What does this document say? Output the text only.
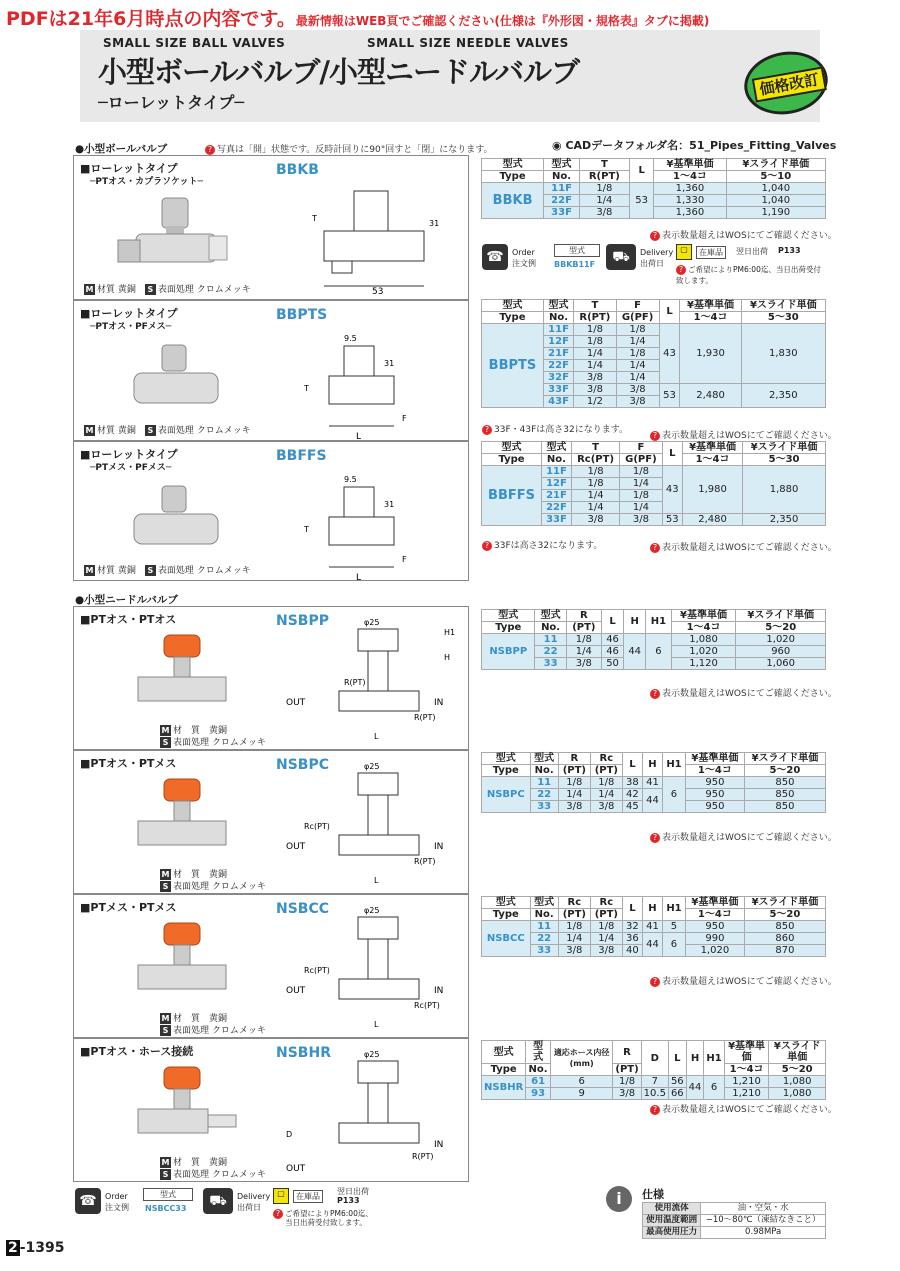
PDFは21年6月時点の内容です。最新情報はWEB頁でご確認ください(仕様は『外形図・規格表』タブに掲載)
SMALL SIZE BALL VALVES	SMALL SIZE NEEDLE VALVES
小型ボールバルブ/小型ニードルバルブ
─ローレットタイプ─
価格改訂
●小型ボールバルブ	? 写真は「開」状態です。反時計回りに90°回すと「閉」になります。	◉ CADデータフォルダ名：51_Pipes_Fitting_Valves
■ローレットタイプ
─PTオス・カプラソケット─
BBKB
53
31
T
M 材質 黄銅　 S 表面処理 クロムメッキ
■ローレットタイプ
─PTオス・PFメス─
BBPTS
L
9.5
31
T
F
M 材質 黄銅　 S 表面処理 クロムメッキ
■ローレットタイプ
─PTメス・PFメス─
BBFFS
L
9.5
31
T
F
M 材質 黄銅　 S 表面処理 クロムメッキ
●小型ニードルバルブ
■PTオス・PTオス	NSBPP	φ25
R(PT)
OUT	IN
R(PT)
L
H
H1
M 材　質　黄銅
S 表面処理 クロムメッキ
■PTオス・PTメス	NSBPC	φ25
Rc(PT)
OUT	IN
R(PT)
L
M 材　質　黄銅
S 表面処理 クロムメッキ
■PTメス・PTメス	NSBCC	φ25
Rc(PT)
OUT	IN
Rc(PT)
L
M 材　質　黄銅
S 表面処理 クロムメッキ
■PTオス・ホース接続	NSBHR	φ25
D
OUT
IN
R(PT)
M 材　質　黄銅
S 表面処理 クロムメッキ
型式	型式	T	L	¥基準単価	¥スライド単価
Type	No.	R(PT)		1～4コ	5～10
BBKB	11F	1/8	53	1,360	1,040
	22F	1/4		1,330	1,040
	33F	3/8		1,360	1,190
? 表示数量超えはWOSにてご確認ください。
☎	Order
注文例
型式
BBKB11F	⛟	Delivery
出荷日
▢	在庫品	翌日出荷 P133
? ご希望によりPM6:00迄、当日出荷受付致します。
型式	型式	T	F	L	¥基準単価	¥スライド単価
Type	No.	R(PT)	G(PF)		1～4コ	5～30
BBPTS	11F	1/8	1/8	43	1,930	1,830
	12F	1/8	1/4			
	21F	1/4	1/8			
	22F	1/4	1/4			
	32F	3/8	1/4			
	33F	3/8	3/8	53	2,480	2,350
	43F	1/2	3/8			
? 33F・43Fは高さ32になります。
? 表示数量超えはWOSにてご確認ください。
型式	型式	T	F	L	¥基準単価	¥スライド単価
Type	No.	Rc(PT)	G(PF)		1～4コ	5～30
BBFFS	11F	1/8	1/8	43	1,980	1,880
	12F	1/8	1/4			
	21F	1/4	1/8			
	22F	1/4	1/4			
	33F	3/8	3/8	53	2,480	2,350
? 33Fは高さ32になります。	? 表示数量超えはWOSにてご確認ください。
型式	型式	R	L	H	H1	¥基準単価	¥スライド単価
Type	No.	(PT)				1～4コ	5～20
NSBPP	11	1/8	46	44	6	1,080	1,020
	22	1/4	46			1,020	960
	33	3/8	50			1,120	1,060
? 表示数量超えはWOSにてご確認ください。
型式	型式	R	Rc	L	H	H1	¥基準単価	¥スライド単価
Type	No.	(PT)	(PT)				1～4コ	5～20
NSBPC	11	1/8	1/8	38	41	6	950	850
	22	1/4	1/4	42	44		950	850
	33	3/8	3/8	45			950	850
? 表示数量超えはWOSにてご確認ください。
型式	型式	Rc	Rc	L	H	H1	¥基準単価	¥スライド単価
Type	No.	(PT)	(PT)				1～4コ	5～20
NSBCC	11	1/8	1/8	32	41	5	950	850
	22	1/4	1/4	36	44	6	990	860
	33	3/8	3/8	40			1,020	870
? 表示数量超えはWOSにてご確認ください。
型式	型式	適応ホース内径(mm)	R	D	L	H	H1	¥基準単価	¥スライド単価
Type	No.		(PT)					1～4コ	5～20
NSBHR	61	6	1/8	7	56	44	6	1,210	1,080
	93	9	3/8	10.5	66			1,210	1,080
? 表示数量超えはWOSにてご確認ください。
☎	Order
注文例
型式
NSBCC33	⛟	Delivery
出荷日
▢	在庫品
翌日出荷
P133
? ご希望によりPM6:00迄、
当日出荷受付致します。
i	仕様
使用流体	油・空気・水
使用温度範囲	−10〜80℃（凍結なきこと）
最高使用圧力	0.98MPa
2 -1395
